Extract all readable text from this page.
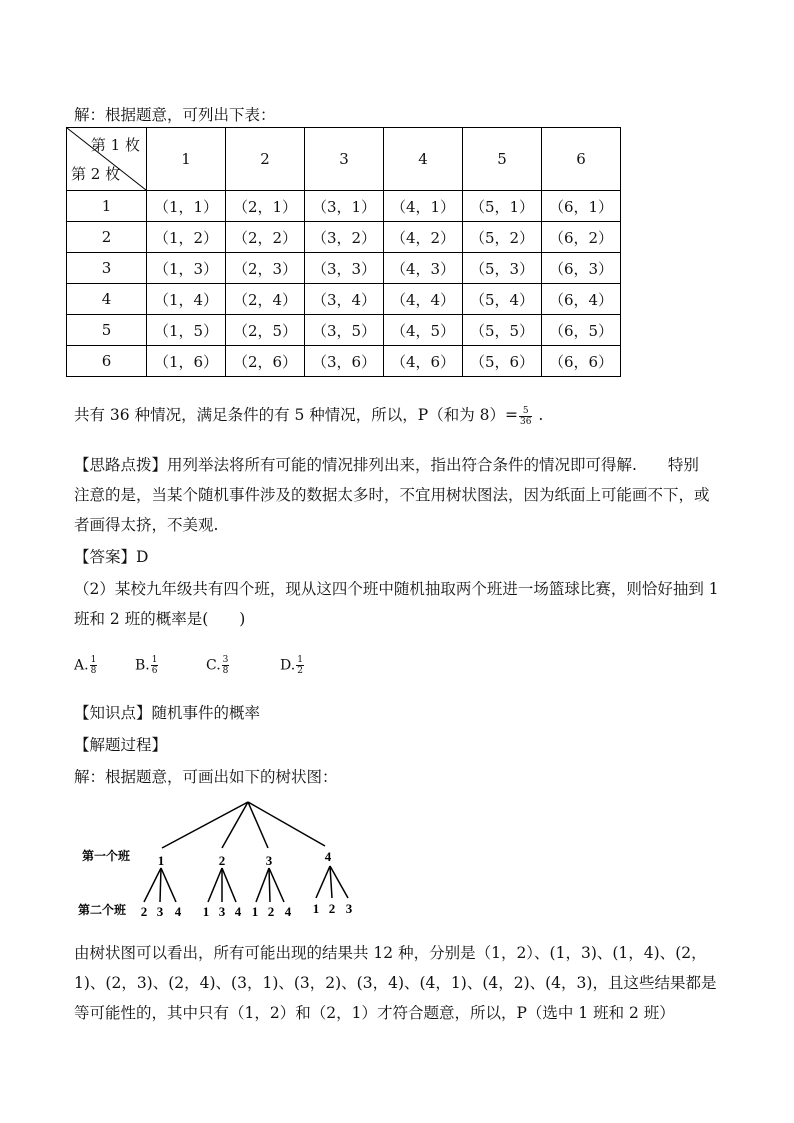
解：根据题意，可列出下表：
第 1 枚
第 2 枚	1	2	3	4	5	6
1	（1，1）	（2，1）	（3，1）	（4，1）	（5，1）	（6，1）
2	（1，2）	（2，2）	（3，2）	（4，2）	（5，2）	（6，2）
3	（1，3）	（2，3）	（3，3）	（4，3）	（5，3）	（6，3）
4	（1，4）	（2，4）	（3，4）	（4，4）	（5，4）	（6，4）
5	（1，5）	（2，5）	（3，5）	（4，5）	（5，5）	（6，5）
6	（1，6）	（2，6）	（3，6）	（4，6）	（5，6）	（6，6）
共有 36 种情况，满足条件的有 5 种情况，所以，P（和为 $8)= \frac{5}{36}$ .
【思路点拨】用列举法将所有可能的情况排列出来，指出符合条件的情况即可得解.　　特别
注意的是，当某个随机事件涉及的数据太多时，不宜用树状图法，因为纸面上可能画不下，或
者画得太挤，不美观.
【答案】D
（2）某校九年级共有四个班，现从这四个班中随机抽取两个班进一场篮球比赛，则恰好抽到 1
班和 2 班的概率是(　　)
A. $\frac{1}{8}$	B. $\frac{1}{6}$	C. $\frac{3}{8}$	D. $\frac{1}{2}$
【知识点】随机事件的概率
【解题过程】
解：根据题意，可画出如下的树状图：
第一个班
第二个班
1	2	3	4
2 3 4 1 3 4 1 2 4 1 2 3
由树状图可以看出，所有可能出现的结果共 12 种，分别是（1，2）、(1，3)、(1，4)、(2，
1)、(2，3)、(2，4)、(3，1)、(3，2)、(3，4)、(4，1)、(4，2)、(4，3)，且这些结果都是
等可能性的，其中只有（1，2）和（2，1）才符合题意，所以，P（选中 1 班和 2 班）
